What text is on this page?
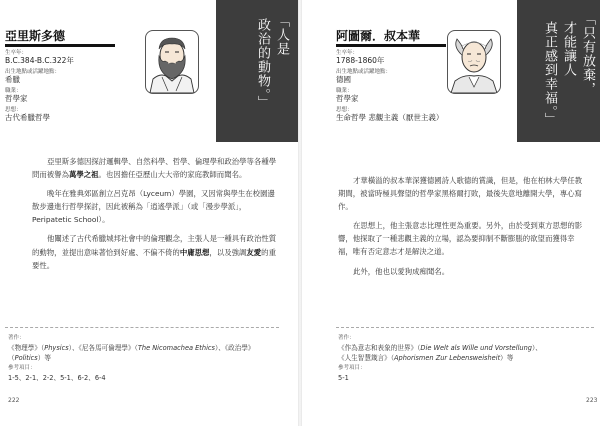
亞里斯多德
生卒年：
B.C.384-B.C.322年
出生地點或活躍地點：
希臘
職業：
哲學家
思想：
古代希臘哲學
「人是
政治的動物。」

亞里斯多德因探討邏輯學、自然科學、哲學、倫理學和政治學等各種學問而被譽為萬學之祖。也因擔任亞歷山大大帝的家庭教師而聞名。

晚年在雅典郊區創立呂克昂（Lyceum）學園，又因常與學生在校園邊散步邊進行哲學探討，因此被稱為「逍遙學派」（或「漫步學派」，Peripatetic School）。

他闡述了古代希臘城邦社會中的倫理觀念，主張人是一種具有政治性質的動物，並提出意味著恰到好處、不偏不倚的中庸思想，以及強調友愛的重要性。

著作：
《物理學》（Physics）、《尼各馬可倫理學》（The Nicomachea Ethics）、《政治學》（Politics）等
參考項目：
1-5、2-1、2-2、5-1、6-2、6-4
222
阿圖爾．叔本華
生卒年：
1788-1860年
出生地點或活躍地點：
德國
職業：
哲學家
思想：
生命哲學 悲觀主義（厭世主義）
「只有放棄，
才能讓人
真正感到幸福。」

才華橫溢的叔本華深獲德國詩人歌德的賞識，但是，他在柏林大學任教期間，被當時極具聲望的哲學家黑格爾打敗，最後失意地離開大學，專心寫作。

在思想上，他主張意志比理性更為重要。另外，由於受到東方思想的影響，他探取了一種悲觀主義的立場，認為要抑制不斷膨脹的欲望而獲得幸福，唯有否定意志才是解決之道。

此外，他也以愛狗成痴聞名。

著作：
《作為意志和表象的世界》（Die Welt als Wille und Vorstellung）、
《人生智慧箴言》（Aphorismen Zur Lebensweisheit）等
參考項目：
5-1
223
